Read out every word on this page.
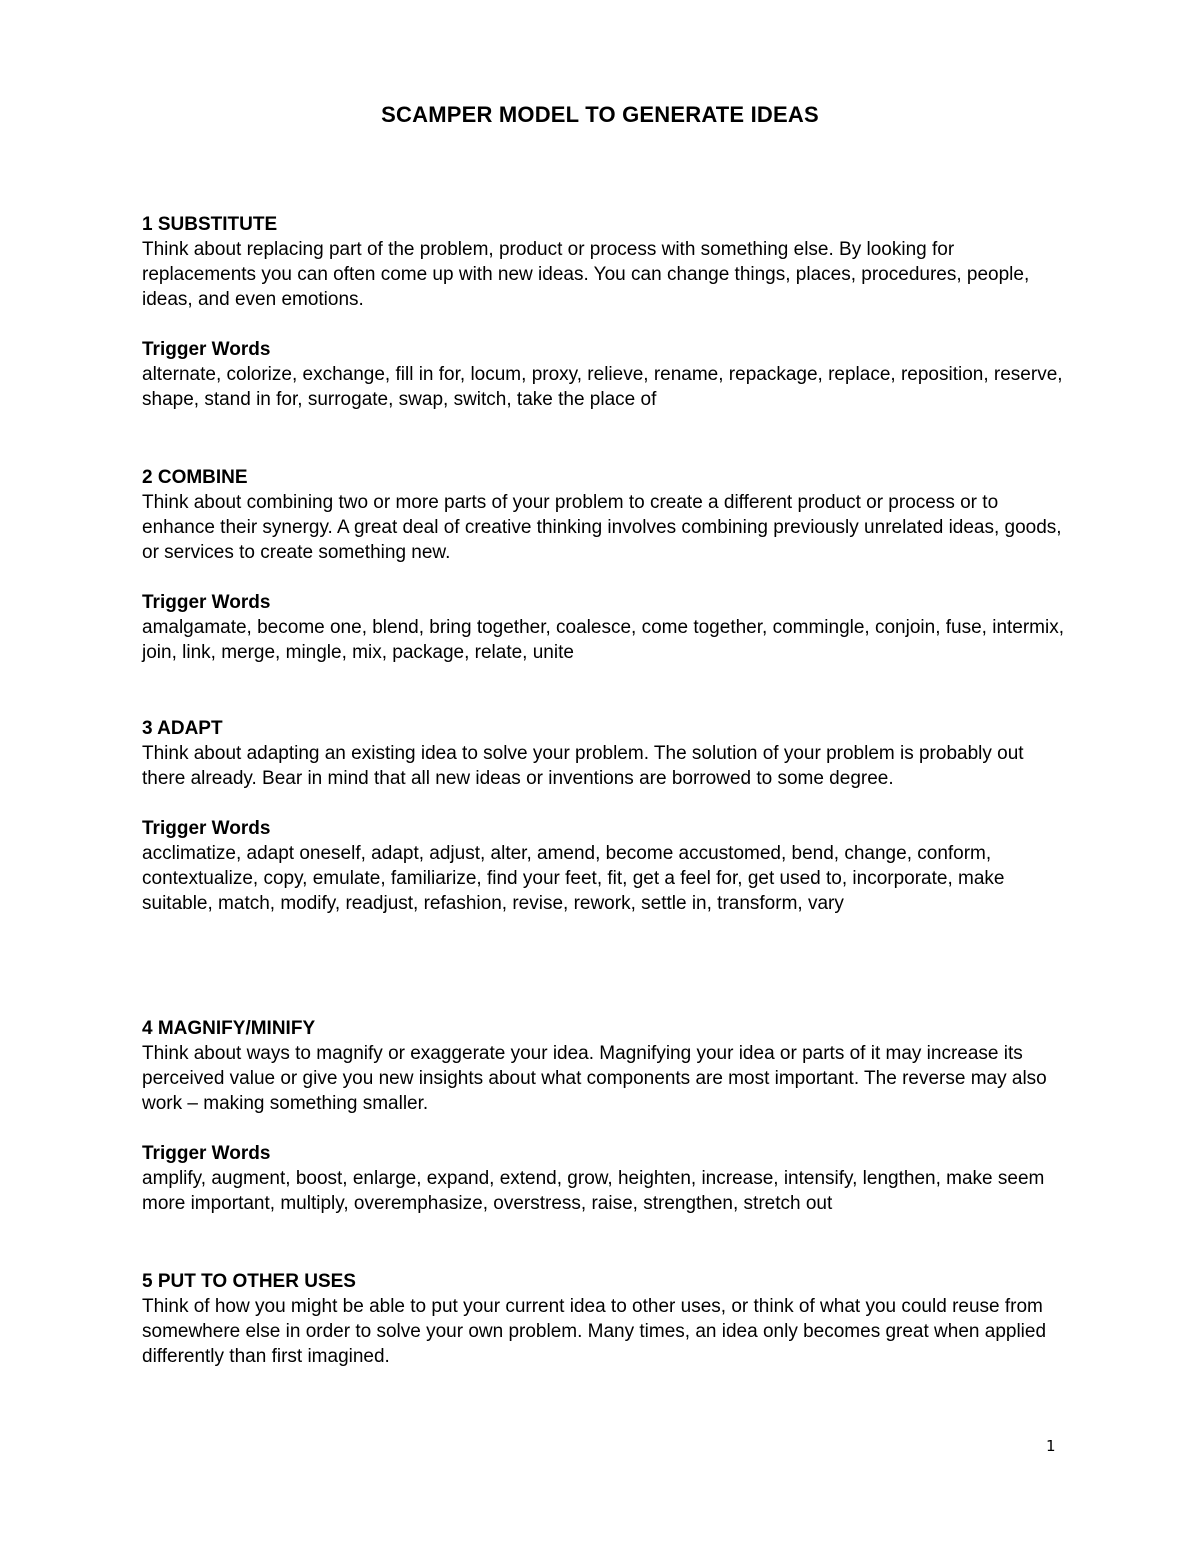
SCAMPER MODEL TO GENERATE IDEAS
1 SUBSTITUTE

Think about replacing part of the problem, product or process with something else. By looking for replacements you can often come up with new ideas. You can change things, places, procedures, people, ideas, and even emotions.

Trigger Words

alternate, colorize, exchange, fill in for, locum, proxy, relieve, rename, repackage, replace, reposition, reserve, shape, stand in for, surrogate, swap, switch, take the place of

2 COMBINE

Think about combining two or more parts of your problem to create a different product or process or to enhance their synergy. A great deal of creative thinking involves combining previously unrelated ideas, goods, or services to create something new.

Trigger Words

amalgamate, become one, blend, bring together, coalesce, come together, commingle, conjoin, fuse, intermix, join, link, merge, mingle, mix, package, relate, unite

3 ADAPT

Think about adapting an existing idea to solve your problem. The solution of your problem is probably out there already. Bear in mind that all new ideas or inventions are borrowed to some degree.

Trigger Words

acclimatize, adapt oneself, adapt, adjust, alter, amend, become accustomed, bend, change, conform, contextualize, copy, emulate, familiarize, find your feet, fit, get a feel for, get used to, incorporate, make suitable, match, modify, readjust, refashion, revise, rework, settle in, transform, vary

4 MAGNIFY/MINIFY

Think about ways to magnify or exaggerate your idea. Magnifying your idea or parts of it may increase its perceived value or give you new insights about what components are most important. The reverse may also work – making something smaller.

Trigger Words

amplify, augment, boost, enlarge, expand, extend, grow, heighten, increase, intensify, lengthen, make seem more important, multiply, overemphasize, overstress, raise, strengthen, stretch out

5 PUT TO OTHER USES

Think of how you might be able to put your current idea to other uses, or think of what you could reuse from somewhere else in order to solve your own problem. Many times, an idea only becomes great when applied differently than first imagined.

1
